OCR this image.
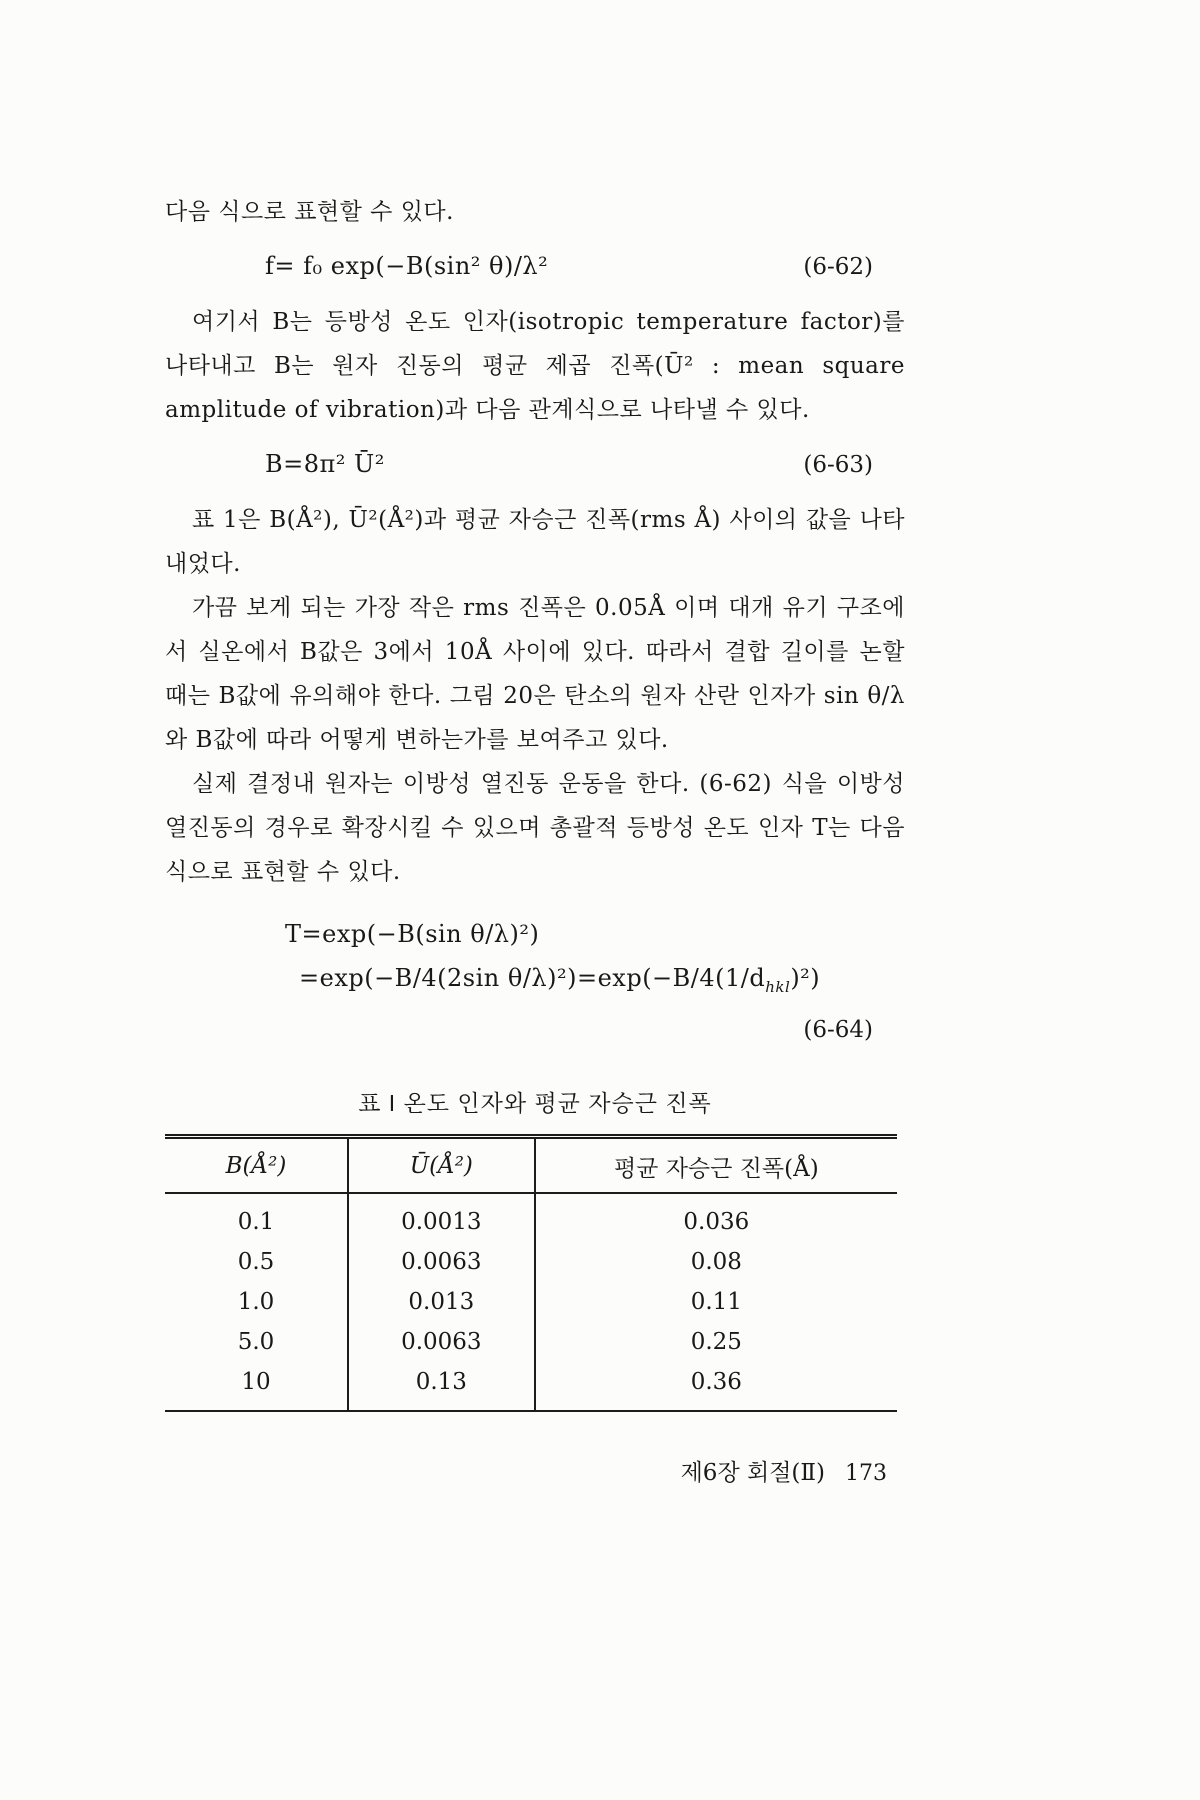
다음 식으로 표현할 수 있다.

f= f₀ exp(−B(sin² θ)/λ²	(6-62)

여기서 B는 등방성 온도 인자(isotropic temperature factor)를 나타내고 B는 원자 진동의 평균 제곱 진폭(Ū² : mean square amplitude of vibration)과 다음 관계식으로 나타낼 수 있다.

B=8π² Ū²	(6-63)

표 1은 B(Å²), Ū²(Å²)과 평균 자승근 진폭(rms Å) 사이의 값을 나타내었다.

가끔 보게 되는 가장 작은 rms 진폭은 0.05Å 이며 대개 유기 구조에서 실온에서 B값은 3에서 10Å 사이에 있다. 따라서 결합 길이를 논할 때는 B값에 유의해야 한다. 그림 20은 탄소의 원자 산란 인자가 sin θ/λ와 B값에 따라 어떻게 변하는가를 보여주고 있다.

실제 결정내 원자는 이방성 열진동 운동을 한다. (6-62) 식을 이방성 열진동의 경우로 확장시킬 수 있으며 총괄적 등방성 온도 인자 T는 다음 식으로 표현할 수 있다.

T=exp(−B(sin θ/λ)²)
=exp(−B/4(2sin $\theta/\lambda)^2)=\exp(-B/4(1/d_{hkl})^2)$
(6-64)
표 I 온도 인자와 평균 자승근 진폭
B(Å²)	Ū(Å²)	평균 자승근 진폭(Å)
0.1	0.0013	0.036
0.5	0.0063	0.08
1.0	0.013	0.11
5.0	0.0063	0.25
10	0.13	0.36
제6장 회절(Ⅱ) 173
